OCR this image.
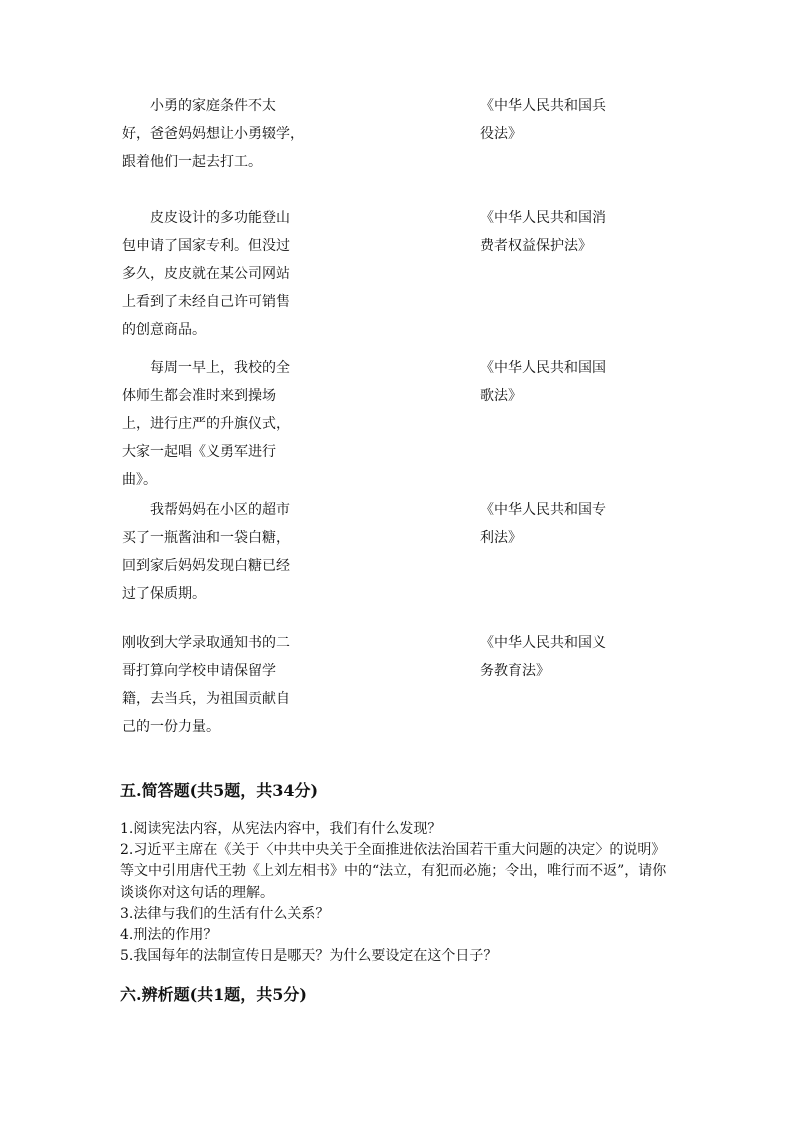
小勇的家庭条件不太
好，爸爸妈妈想让小勇辍学，
跟着他们一起去打工。
《中华人民共和国兵
役法》
皮皮设计的多功能登山
包申请了国家专利。但没过
多久，皮皮就在某公司网站
上看到了未经自己许可销售
的创意商品。
《中华人民共和国消
费者权益保护法》
每周一早上，我校的全
体师生都会准时来到操场
上，进行庄严的升旗仪式，
大家一起唱《义勇军进行
曲》。
《中华人民共和国国
歌法》
我帮妈妈在小区的超市
买了一瓶酱油和一袋白糖，
回到家后妈妈发现白糖已经
过了保质期。
《中华人民共和国专
利法》
刚收到大学录取通知书的二
哥打算向学校申请保留学
籍，去当兵，为祖国贡献自
己的一份力量。
《中华人民共和国义
务教育法》
五.简答题(共5题，共34分)

1.阅读宪法内容，从宪法内容中，我们有什么发现？

2.习近平主席在《关于〈中共中央关于全面推进依法治国若干重大问题的决定〉的说明》等文中引用唐代王勃《上刘左相书》中的“法立，有犯而必施；令出，唯行而不返”，请你谈谈你对这句话的理解。

3.法律与我们的生活有什么关系？

4.刑法的作用？

5.我国每年的法制宣传日是哪天？为什么要设定在这个日子？

六.辨析题(共1题，共5分)
